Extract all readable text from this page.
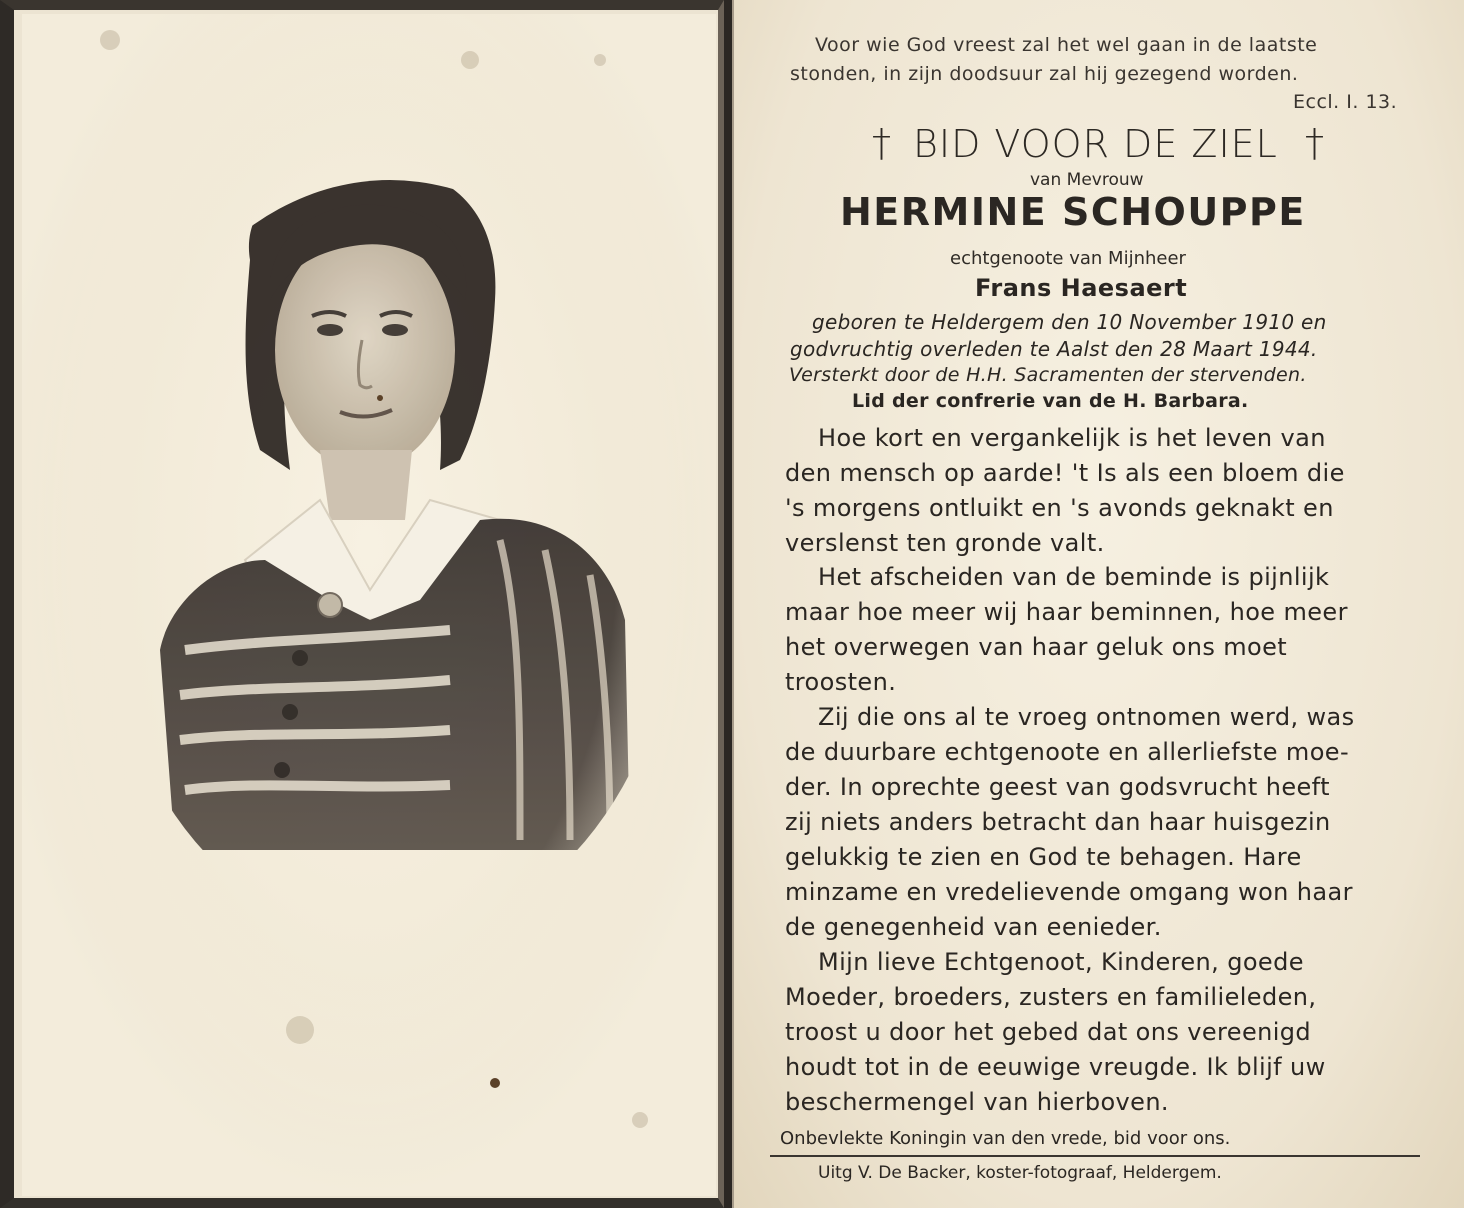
Voor wie God vreest zal het wel gaan in de laatste
stonden, in zijn doodsuur zal hij gezegend worden.
Eccl. I. 13.
† BID VOOR DE ZIEL †
van Mevrouw
HERMINE SCHOUPPE
echtgenoote van Mijnheer
Frans Haesaert
geboren te Heldergem den 10 November 1910 en
godvruchtig overleden te Aalst den 28 Maart 1944.
Versterkt door de H.H. Sacramenten der stervenden.
Lid der confrerie van de H. Barbara.
Hoe kort en vergankelijk is het leven van
den mensch op aarde! 't Is als een bloem die
's morgens ontluikt en 's avonds geknakt en
verslenst ten gronde valt.
Het afscheiden van de beminde is pijnlijk
maar hoe meer wij haar beminnen, hoe meer
het overwegen van haar geluk ons moet
troosten.
Zij die ons al te vroeg ontnomen werd, was
de duurbare echtgenoote en allerliefste moe-
der. In oprechte geest van godsvrucht heeft
zij niets anders betracht dan haar huisgezin
gelukkig te zien en God te behagen. Hare
minzame en vredelievende omgang won haar
de genegenheid van eenieder.
Mijn lieve Echtgenoot, Kinderen, goede
Moeder, broeders, zusters en familieleden,
troost u door het gebed dat ons vereenigd
houdt tot in de eeuwige vreugde. Ik blijf uw
beschermengel van hierboven.
Onbevlekte Koningin van den vrede, bid voor ons.
Uitg V. De Backer, koster-fotograaf, Heldergem.
